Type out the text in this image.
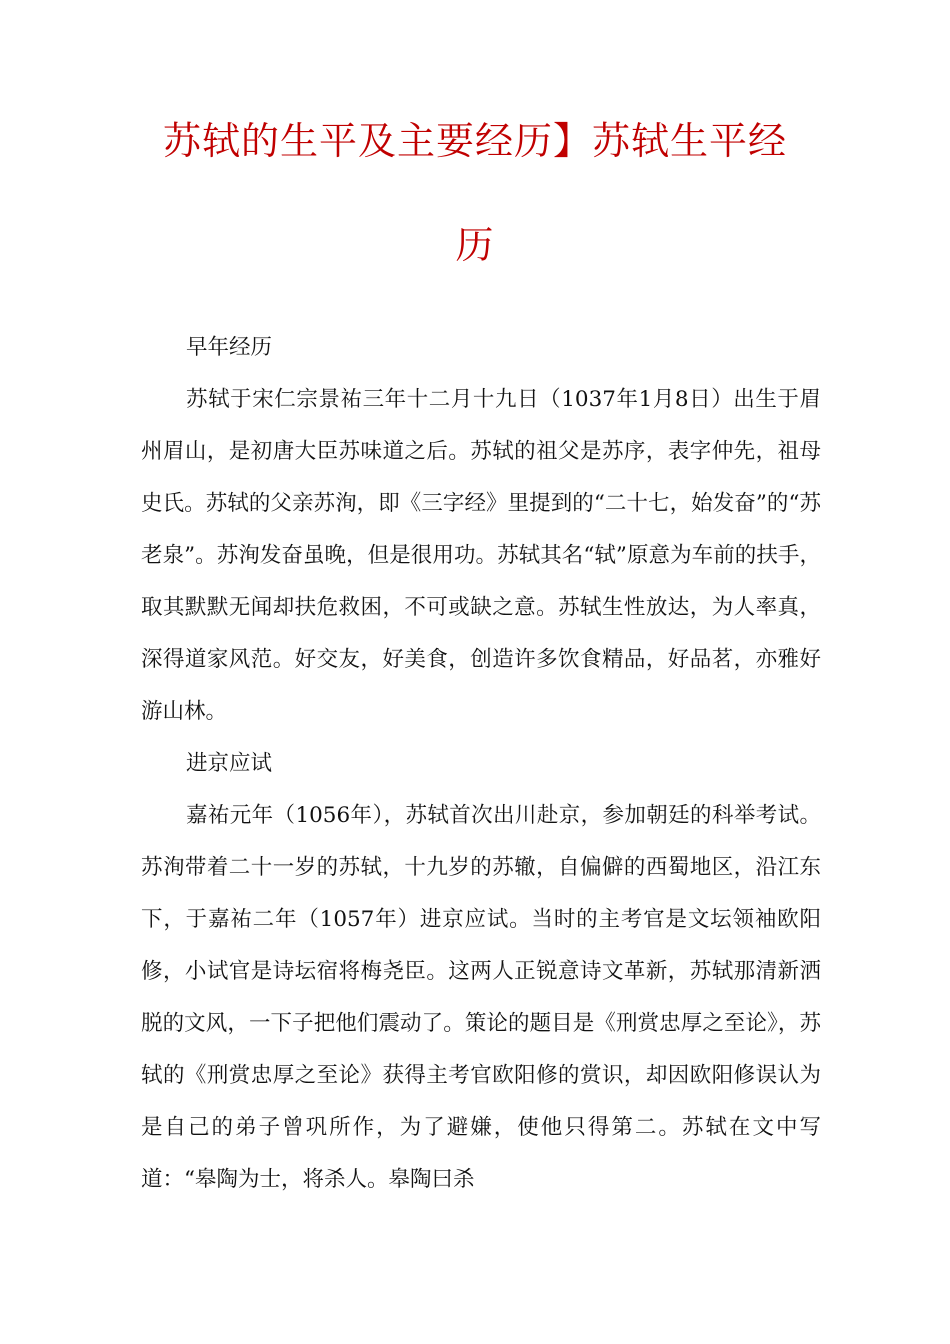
苏轼的生平及主要经历】苏轼生平经
历

早年经历

苏轼于宋仁宗景祐三年十二月十九日（1037年1月8日）出生于眉州眉山，是初唐大臣苏味道之后。苏轼的祖父是苏序，表字仲先，祖母史氏。苏轼的父亲苏洵，即《三字经》里提到的“二十七，始发奋”的“苏老泉”。苏洵发奋虽晚，但是很用功。苏轼其名“轼”原意为车前的扶手，取其默默无闻却扶危救困，不可或缺之意。苏轼生性放达，为人率真，深得道家风范。好交友，好美食，创造许多饮食精品，好品茗，亦雅好游山林。

进京应试

嘉祐元年（1056年），苏轼首次出川赴京，参加朝廷的科举考试。苏洵带着二十一岁的苏轼，十九岁的苏辙，自偏僻的西蜀地区，沿江东下，于嘉祐二年（1057年）进京应试。当时的主考官是文坛领袖欧阳修，小试官是诗坛宿将梅尧臣。这两人正锐意诗文革新，苏轼那清新洒脱的文风，一下子把他们震动了。策论的题目是《刑赏忠厚之至论》，苏轼的《刑赏忠厚之至论》获得主考官欧阳修的赏识，却因欧阳修误认为是自己的弟子曾巩所作，为了避嫌，使他只得第二。苏轼在文中写道：“皋陶为士，将杀人。皋陶曰杀
